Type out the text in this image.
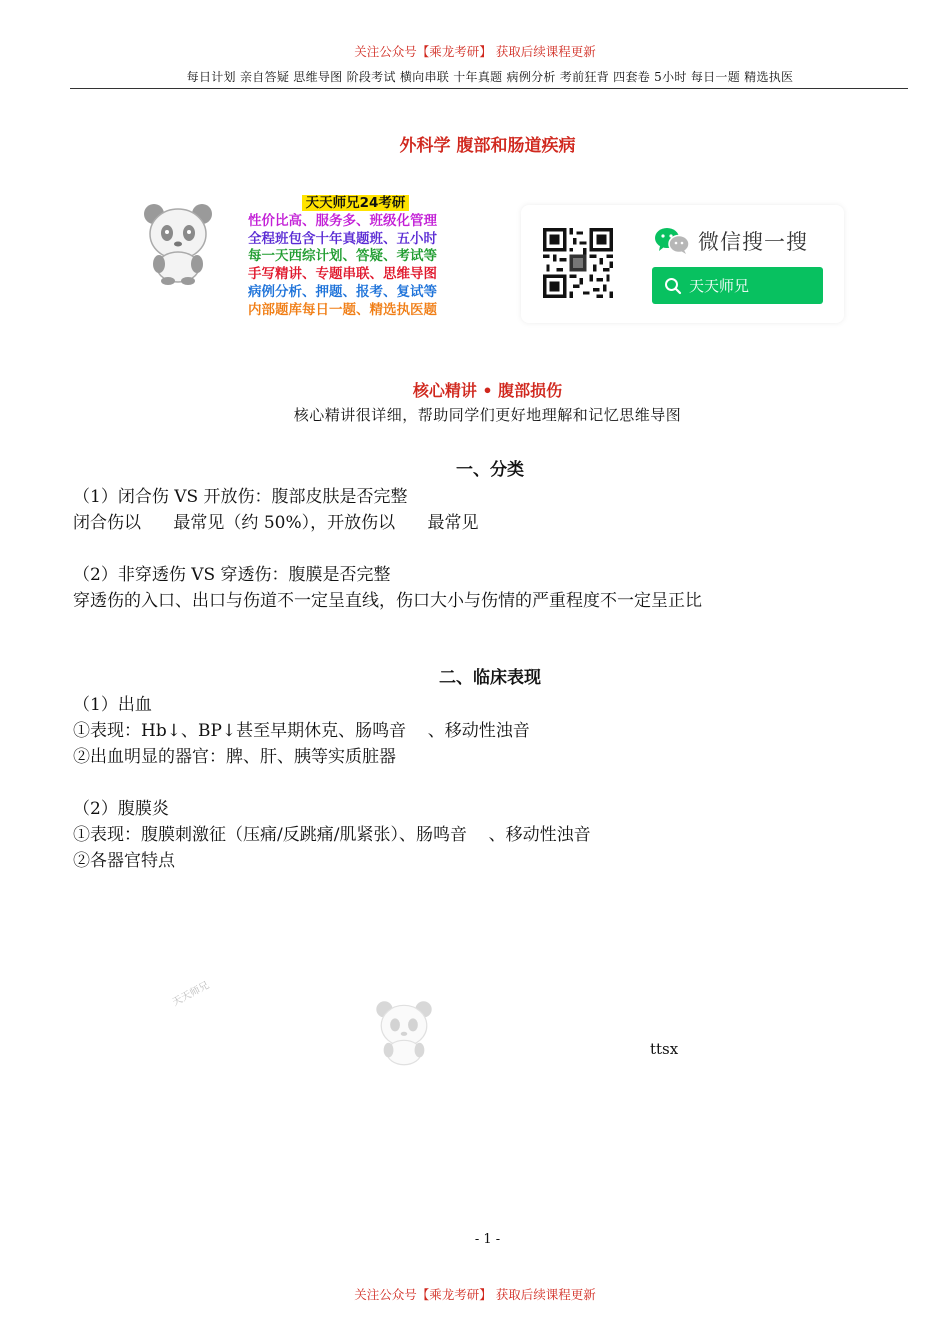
关注公众号【乘龙考研】 获取后续课程更新
每日计划 亲自答疑 思维导图 阶段考试 横向串联 十年真题 病例分析 考前狂背 四套卷 5小时 每日一题 精选执医
外科学 腹部和肠道疾病
天天师兄24考研
性价比高、服务多、班级化管理
全程班包含十年真题班、五小时
每一天西综计划、答疑、考试等
手写精讲、专题串联、思维导图
病例分析、押题、报考、复试等
内部题库每日一题、精选执医题
微信搜一搜
天天师兄
核心精讲 • 腹部损伤
核心精讲很详细，帮助同学们更好地理解和记忆思维导图
一、分类
（1）闭合伤 VS 开放伤：腹部皮肤是否完整
闭合伤以      最常见（约 50%），开放伤以      最常见
（2）非穿透伤 VS 穿透伤：腹膜是否完整
穿透伤的入口、出口与伤道不一定呈直线，伤口大小与伤情的严重程度不一定呈正比
二、临床表现
（1）出血
①表现：Hb↓、BP↓甚至早期休克、肠鸣音    、移动性浊音
②出血明显的器官：脾、肝、胰等实质脏器
（2）腹膜炎
①表现：腹膜刺激征（压痛/反跳痛/肌紧张）、肠鸣音    、移动性浊音
②各器官特点
天天师兄
ttsx
- 1 -
关注公众号【乘龙考研】 获取后续课程更新
